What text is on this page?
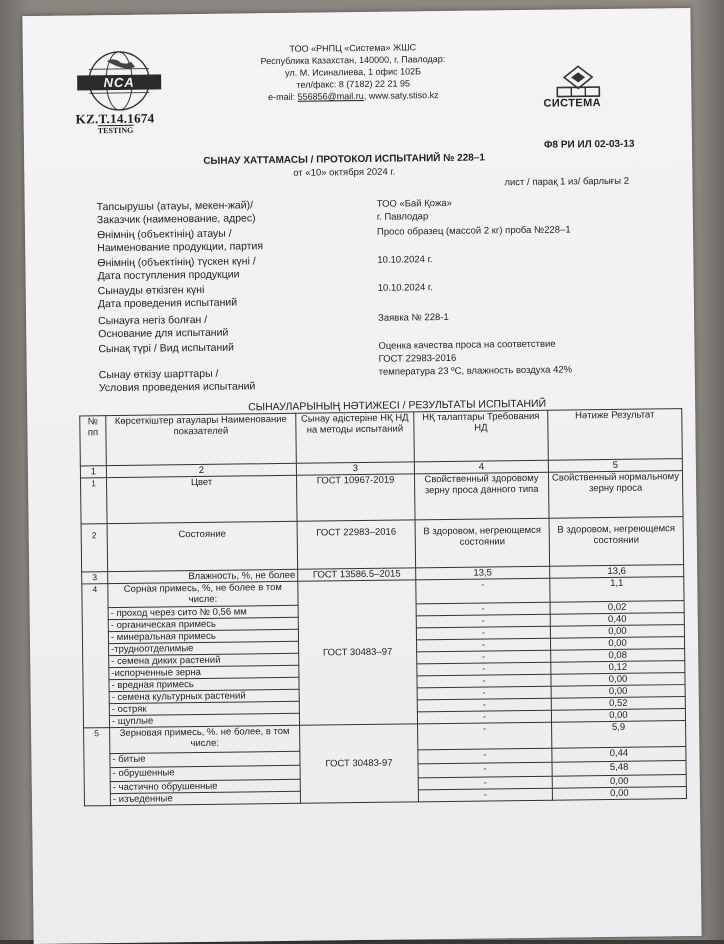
NCA
KZ.T.14.1674
TESTING
ТОО «РНПЦ «Система» ЖШС
Республика Казахстан, 140000, г. Павлодар:
ул. М. Исиналиева, 1 офис 102Б
тел/факс: 8 (7182) 22 21 95
e-mail: 556856@mail.ru, www.saty.stiso.kz
СИСТЕМА
Ф8 РИ ИЛ 02-03-13
СЫНАУ ХАТТАМАСЫ / ПРОТОКОЛ ИСПЫТАНИЙ № 228–1
от «10» октября 2024 г.
лист / парақ 1 из/ барлығы 2
Тапсырушы (атауы, мекен-жай)/
Заказчик (наименование, адрес)
ТОО «Бай Қожа»
г. Павлодар
Өнімнің (объектінің) атауы /
Наименование продукции, партия
Просо образец (массой 2 кг) проба №228–1
Өнімнің (объектінің) түскен күні /
Дата поступления продукции
10.10.2024 г.
Сынауды өткізген күні
Дата проведения испытаний
10.10.2024 г.
Сынауға негіз болған /
Основание для испытаний
Заявка № 228-1
Сынақ түрі / Вид испытаний	Оценка качества проса на соответствие
ГОСТ 22983-2016
Сынау өткізу шарттары /
Условия проведения испытаний
температура 23 ºС, влажность воздуха 42%
СЫНАУЛАРЫНЫҢ НӘТИЖЕСІ / РЕЗУЛЬТАТЫ ИСПЫТАНИЙ
№ пп	Көрсеткіштер атаулары Наименование показателей	Сынау әдістеріне НҚ НД на методы испытаний	НҚ талаптары Требования НД	Нәтиже Результат
1	2	3	4	5
1	Цвет	ГОСТ 10967-2019	Свойственный здоровому зерну проса данного типа	Свойственный нормальному зерну проса
2	Состояние	ГОСТ 22983–2016	В здоровом, негреющемся состоянии	В здоровом, негреющемся состоянии
3	Влажность, %, не более	ГОСТ 13586.5–2015	13,5	13,6
4	Сорная примесь, %, не более в том числе:	ГОСТ 30483–97	-	1,1
	- проход через сито № 0,56 мм		-	0,02
	- органическая примесь		-	0,40
	- минеральная примесь		-	0,00
	-трудноотделимые		-	0,00
	- семена диких растений		-	0,08
	-испорченные зерна		-	0,12
	- вредная примесь		-	0,00
	- семена культурных растений		-	0,00
	- остряк		-	0,52
	- щуплые		-	0,00
5	Зерновая примесь, %. не более, в том числе:	ГОСТ 30483-97	-	5,9
	- битые		-	0,44
	- обрушенные		-	5,48
	- частично обрушенные		-	0,00
	- изъеденные		-	0,00
